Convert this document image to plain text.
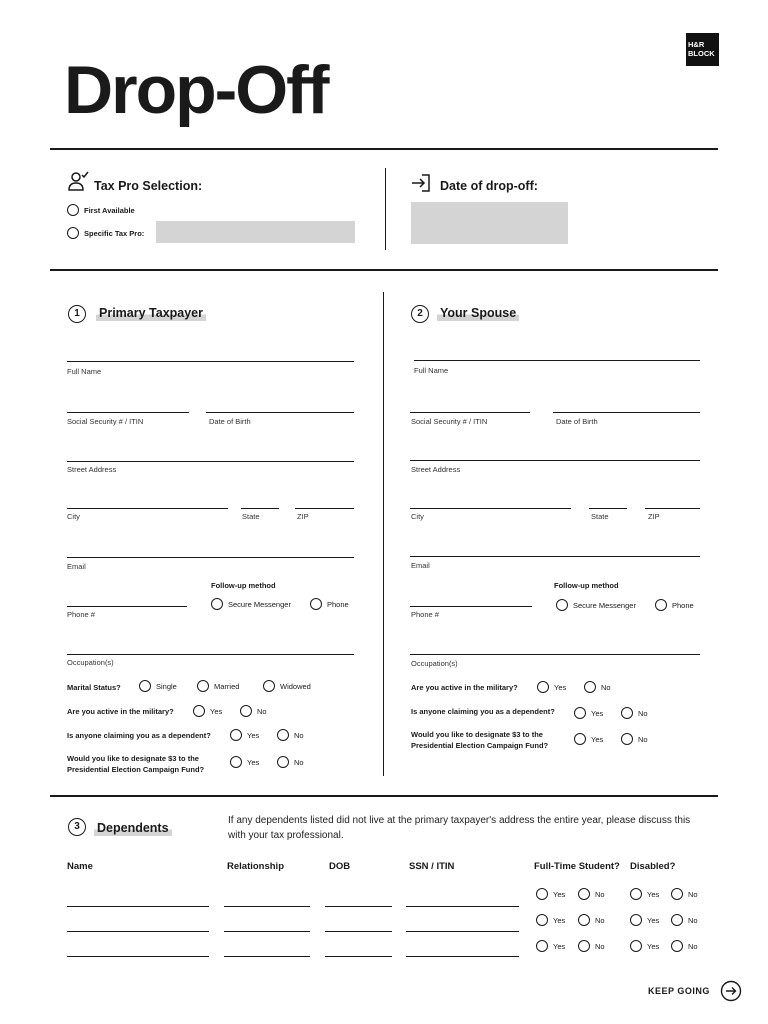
Drop-Off
H&R
BLOCK
Tax Pro Selection:
First Available
Specific Tax Pro:
Date of drop-off:
1	Primary Taxpayer
Full Name
Social Security # / ITIN	Date of Birth
Street Address
City	State	ZIP
Email
Follow-up method
Secure Messenger	Phone
Phone #
Occupation(s)
Marital Status?	Single	Married	Widowed
Are you active in the military?	Yes	No
Is anyone claiming you as a dependent?	Yes	No
Would you like to designate $3 to the
Presidential Election Campaign Fund?
Yes	No
2	Your Spouse
Full Name
Social Security # / ITIN	Date of Birth
Street Address
City	State	ZIP
Email
Follow-up method
Secure Messenger	Phone
Phone #
Occupation(s)
Are you active in the military?	Yes	No
Is anyone claiming you as a dependent?	Yes	No
Would you like to designate $3 to the
Presidential Election Campaign Fund?
Yes	No
3	Dependents
If any dependents listed did not live at the primary taxpayer's address the entire year, please discuss this with your tax professional.
Name	Relationship	DOB	SSN / ITIN	Full-Time Student? Disabled?
Yes	No	Yes	No
Yes	No	Yes	No
Yes	No	Yes	No
KEEP GOING
